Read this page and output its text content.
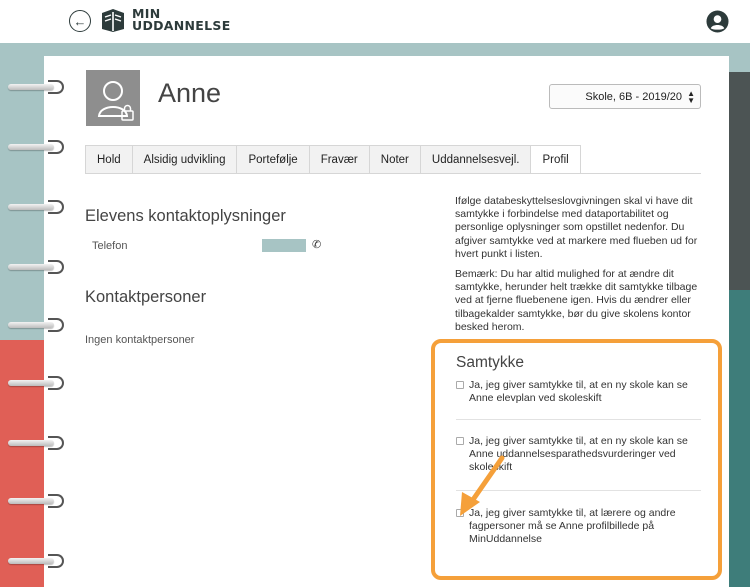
←	MIN
UDDANNELSE
Anne	Skole, 6B - 2019/20 ▲
▼
Hold	Alsidig udvikling	Portefølje	Fravær	Noter	Uddannelsesvejl.	Profil
Elevens kontaktoplysninger
Telefon	✆
Kontaktpersoner
Ingen kontaktpersoner
Ifølge databeskyttelseslovgivningen skal vi have dit samtykke i forbindelse med dataportabilitet og personlige oplysninger som opstillet nedenfor. Du afgiver samtykke ved at markere med flueben ud for hvert punkt i listen.
Bemærk: Du har altid mulighed for at ændre dit samtykke, herunder helt trække dit samtykke tilbage ved at fjerne fluebenene igen. Hvis du ændrer eller tilbagekalder samtykke, bør du give skolens kontor besked herom.
Samtykke
Ja, jeg giver samtykke til, at en ny skole kan se Anne elevplan ved skoleskift
Ja, jeg giver samtykke til, at en ny skole kan se Anne uddannelsesparathedsvurderinger ved skoleskift
Ja, jeg giver samtykke til, at lærere og andre fagpersoner må se Anne profilbillede på MinUddannelse
